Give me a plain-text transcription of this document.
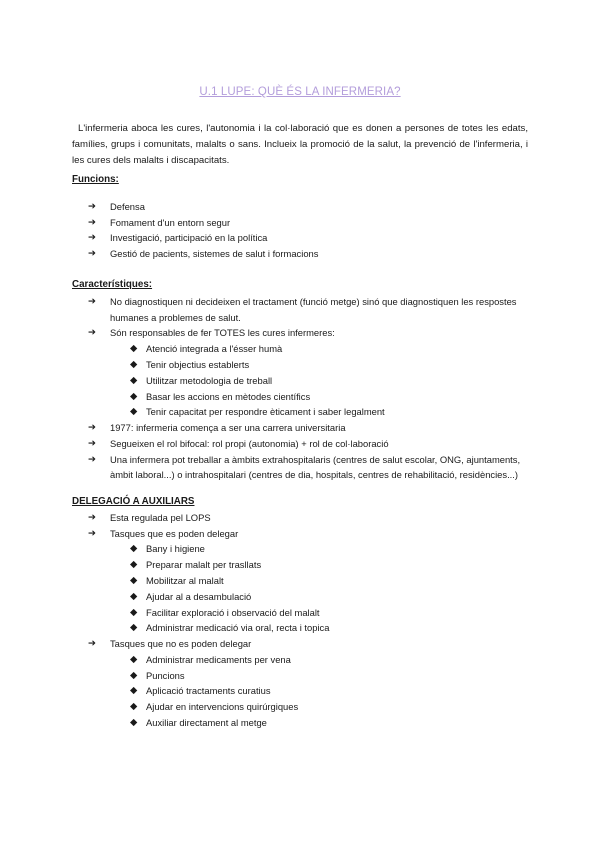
U.1 LUPE: QUÈ ÉS LA INFERMERIA?

L'infermeria aboca les cures, l'autonomia i la col·laboració que es donen a persones de totes les edats, famílies, grups i comunitats, malalts o sans. Inclueix la promoció de la salut, la prevenció de l'infermeria, i les cures dels malalts i discapacitats.

Funcions:
➔ Defensa
➔ Fomament d'un entorn segur
➔ Investigació, participació en la política
➔ Gestió de pacients, sistemes de salut i formacions
Característiques:
➔ No diagnostiquen ni decideixen el tractament (funció metge) sinó que diagnostiquen les respostes humanes a problemes de salut.
➔ Són responsables de fer TOTES les cures infermeres:
◆ Atenció integrada a l'ésser humà
◆ Tenir objectius establerts
◆ Utilitzar metodologia de treball
◆ Basar les accions en mètodes científics
◆ Tenir capacitat per respondre èticament i saber legalment
➔ 1977: infermeria comença a ser una carrera universitaria
➔ Segueixen el rol bifocal: rol propi (autonomia) + rol de col·laboració
➔ Una infermera pot treballar a àmbits extrahospitalaris (centres de salut escolar, ONG, ajuntaments, àmbit laboral...) o intrahospitalari (centres de dia, hospitals, centres de rehabilitació, residències...)
DELEGACIÓ A AUXILIARS
➔ Esta regulada pel LOPS
➔ Tasques que es poden delegar
◆ Bany i higiene
◆ Preparar malalt per trasllats
◆ Mobilitzar al malalt
◆ Ajudar al a desambulació
◆ Facilitar exploració i observació del malalt
◆ Administrar medicació via oral, recta i topica
➔ Tasques que no es poden delegar
◆ Administrar medicaments per vena
◆ Puncions
◆ Aplicació tractaments curatius
◆ Ajudar en intervencions quirúrgiques
◆ Auxiliar directament al metge
